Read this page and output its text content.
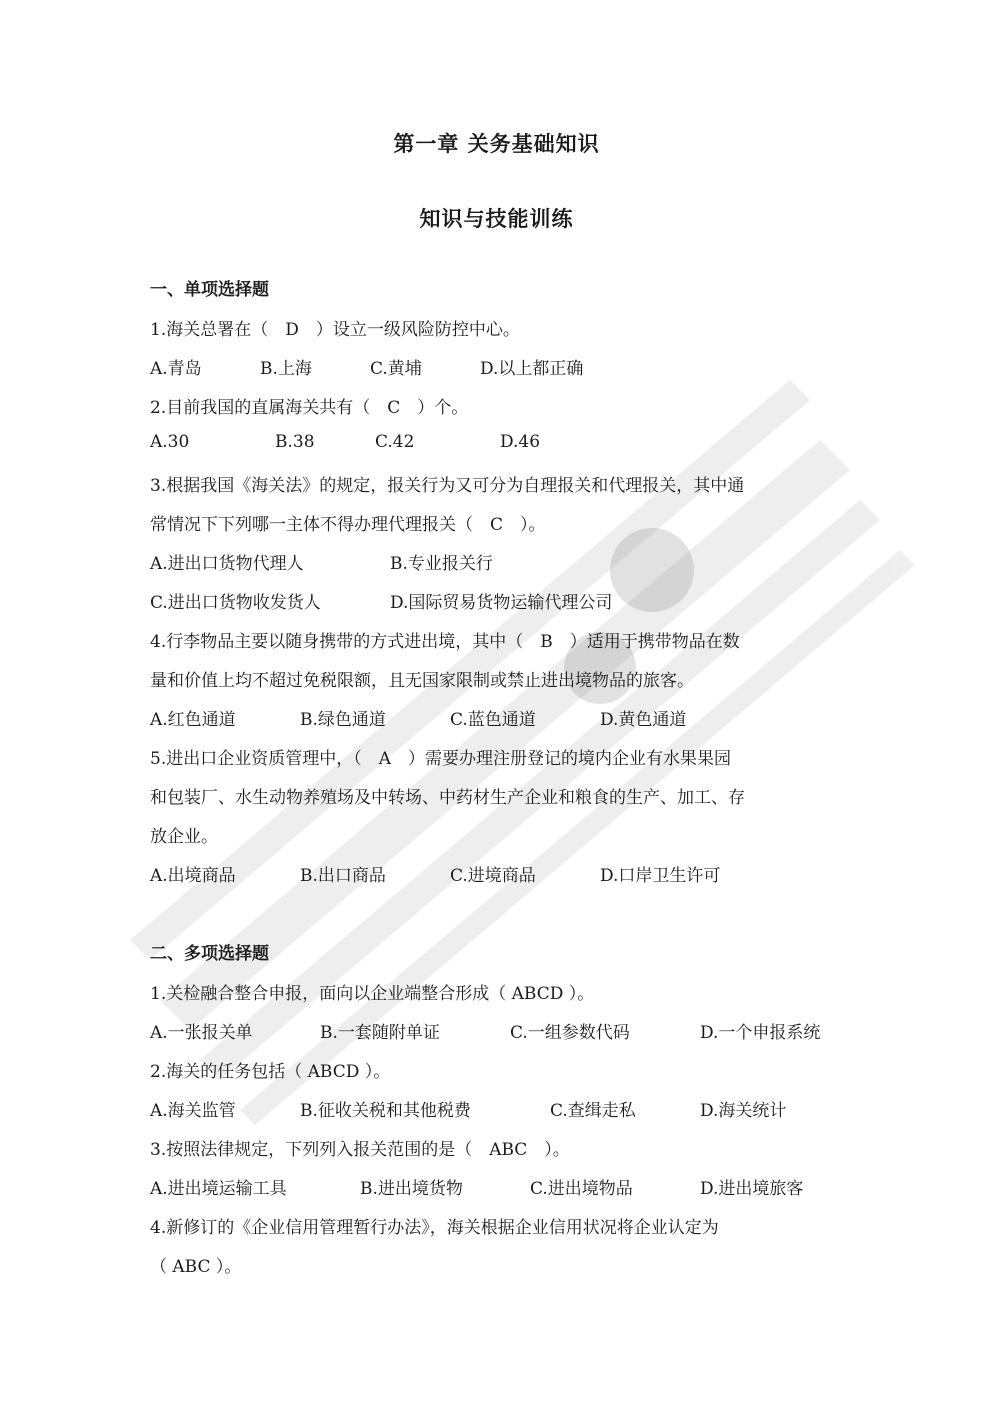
第一章 关务基础知识
知识与技能训练
一、单项选择题
1.海关总署在（　D　）设立一级风险防控中心。
A.青岛	B.上海	C.黄埔	D.以上都正确
2.目前我国的直属海关共有（　C　）个。
A.30	B.38	C.42	D.46
3.根据我国《海关法》的规定，报关行为又可分为自理报关和代理报关，其中通
常情况下下列哪一主体不得办理代理报关（　C　）。
A.进出口货物代理人	B.专业报关行
C.进出口货物收发货人	D.国际贸易货物运输代理公司
4.行李物品主要以随身携带的方式进出境，其中（　B　）适用于携带物品在数
量和价值上均不超过免税限额，且无国家限制或禁止进出境物品的旅客。
A.红色通道	B.绿色通道	C.蓝色通道	D.黄色通道
5.进出口企业资质管理中，（　A　）需要办理注册登记的境内企业有水果果园
和包装厂、水生动物养殖场及中转场、中药材生产企业和粮食的生产、加工、存
放企业。
A.出境商品	B.出口商品	C.进境商品	D.口岸卫生许可
二、多项选择题
1.关检融合整合申报，面向以企业端整合形成（ ABCD ）。
A.一张报关单	B.一套随附单证	C.一组参数代码	D.一个申报系统
2.海关的任务包括（ ABCD ）。
A.海关监管	B.征收关税和其他税费	C.查缉走私	D.海关统计
3.按照法律规定，下列列入报关范围的是（　ABC　）。
A.进出境运输工具	B.进出境货物	C.进出境物品	D.进出境旅客
4.新修订的《企业信用管理暂行办法》，海关根据企业信用状况将企业认定为
（ ABC ）。
